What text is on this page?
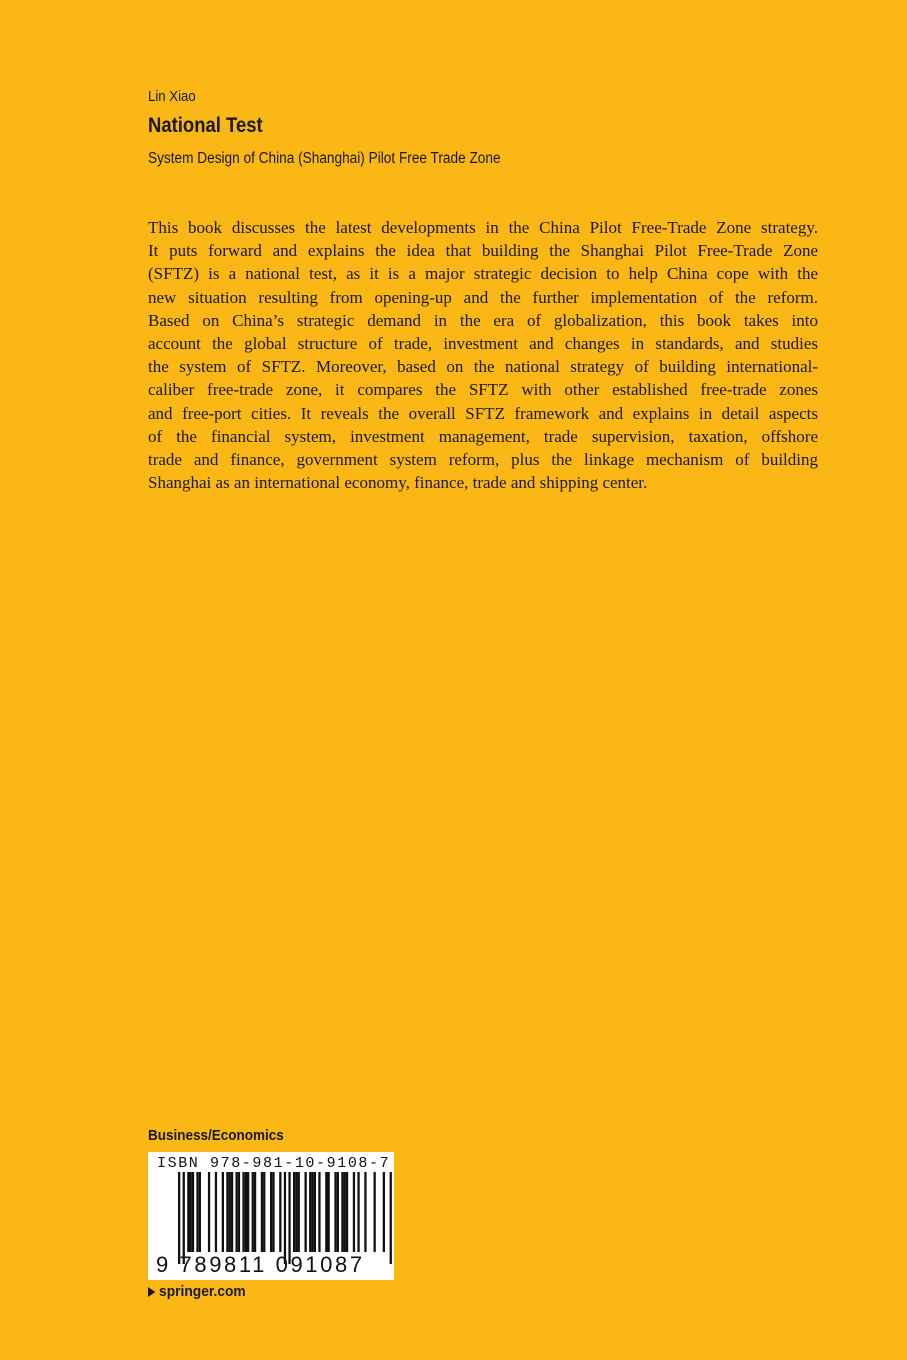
Lin Xiao
National Test
System Design of China (Shanghai) Pilot Free Trade Zone
This book discusses the latest developments in the China Pilot Free-Trade Zone strategy.
It puts forward and explains the idea that building the Shanghai Pilot Free-Trade Zone
(SFTZ) is a national test, as it is a major strategic decision to help China cope with the
new situation resulting from opening-up and the further implementation of the reform.
Based on China’s strategic demand in the era of globalization, this book takes into
account the global structure of trade, investment and changes in standards, and studies
the system of SFTZ. Moreover, based on the national strategy of building international-
caliber free-trade zone, it compares the SFTZ with other established free-trade zones
and free-port cities. It reveals the overall SFTZ framework and explains in detail aspects
of the financial system, investment management, trade supervision, taxation, offshore
trade and finance, government system reform, plus the linkage mechanism of building
Shanghai as an international economy, finance, trade and shipping center.
Business/Economics
ISBN 978-981-10-9108-7
9 789811 091087
springer.com
